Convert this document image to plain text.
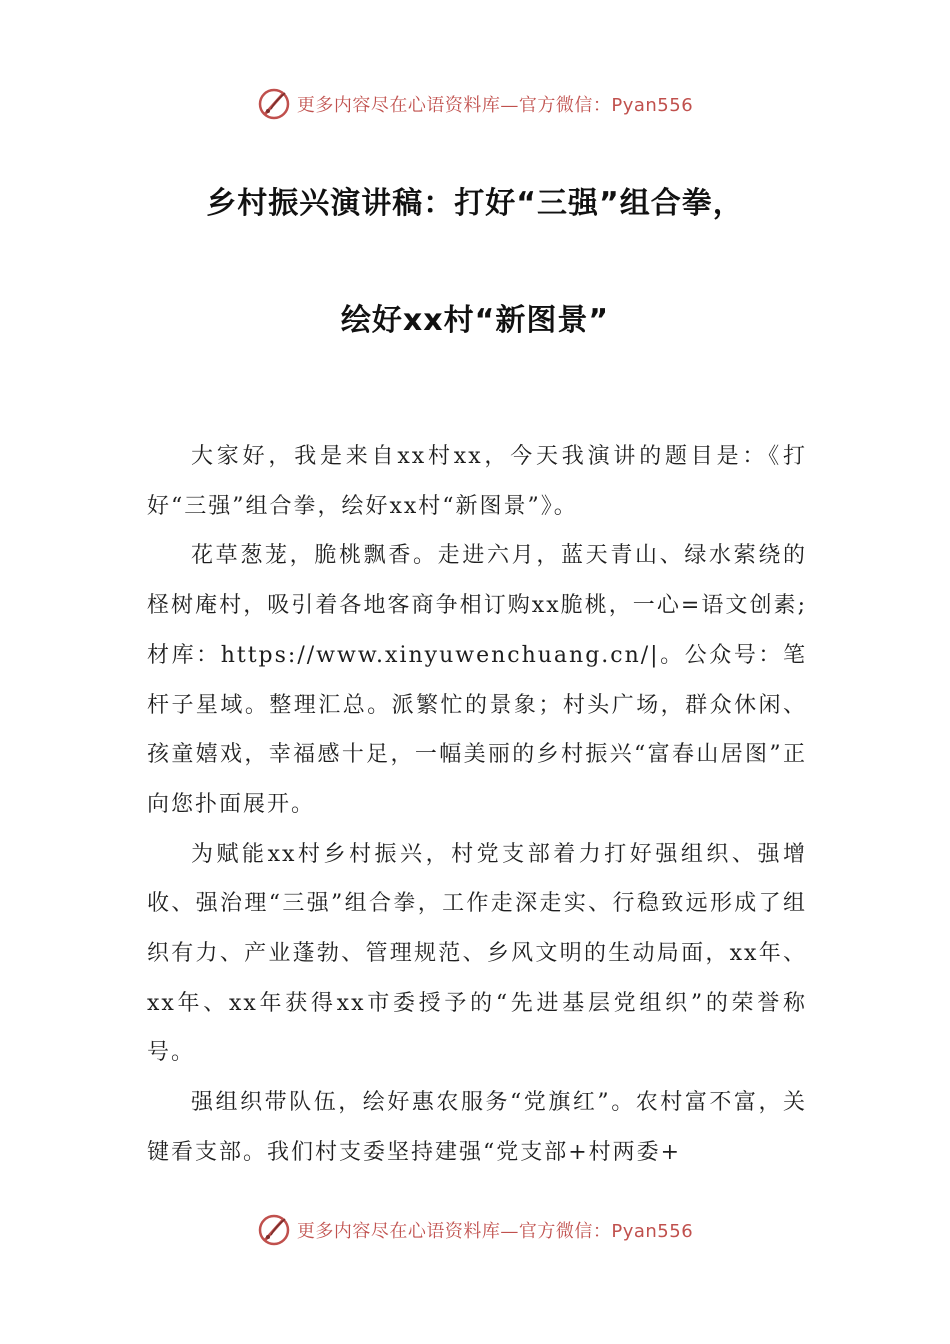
更多内容尽在心语资料库—官方微信：Pyan556
乡村振兴演讲稿：打好“三强”组合拳，
绘好xx村“新图景”

大家好，我是来自xx村xx，今天我演讲的题目是：《打好“三强”组合拳，绘好xx村“新图景”》。

花草葱茏，脆桃飘香。走进六月，蓝天青山、绿水萦绕的柽树庵村，吸引着各地客商争相订购xx脆桃，一心=语文创素;材库：https://www.xinyuwenchuang.cn/|。公众号：笔杆子星域。整理汇总。派繁忙的景象；村头广场，群众休闲、孩童嬉戏，幸福感十足，一幅美丽的乡村振兴“富春山居图”正向您扑面展开。

为赋能xx村乡村振兴，村党支部着力打好强组织、强增收、强治理“三强”组合拳，工作走深走实、行稳致远形成了组织有力、产业蓬勃、管理规范、乡风文明的生动局面，xx年、xx年、xx年获得xx市委授予的“先进基层党组织”的荣誉称号。

强组织带队伍，绘好惠农服务“党旗红”。农村富不富，关键看支部。我们村支委坚持建强“党支部+村两委+

更多内容尽在心语资料库—官方微信：Pyan556
